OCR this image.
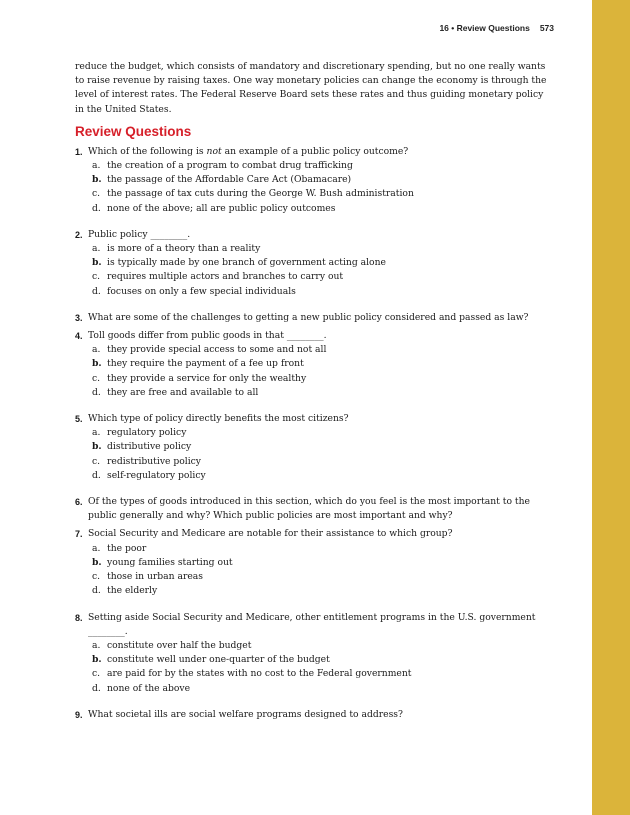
16 • Review Questions 573

reduce the budget, which consists of mandatory and discretionary spending, but no one really wants to raise revenue by raising taxes. One way monetary policies can change the economy is through the level of interest rates. The Federal Reserve Board sets these rates and thus guiding monetary policy in the United States.

Review Questions
1. Which of the following is not an example of a public policy outcome?
a. the creation of a program to combat drug trafficking
b. the passage of the Affordable Care Act (Obamacare)
c. the passage of tax cuts during the George W. Bush administration
d. none of the above; all are public policy outcomes
2. Public policy ________.
a. is more of a theory than a reality
b. is typically made by one branch of government acting alone
c. requires multiple actors and branches to carry out
d. focuses on only a few special individuals
3. What are some of the challenges to getting a new public policy considered and passed as law?
4. Toll goods differ from public goods in that ________.
a. they provide special access to some and not all
b. they require the payment of a fee up front
c. they provide a service for only the wealthy
d. they are free and available to all
5. Which type of policy directly benefits the most citizens?
a. regulatory policy
b. distributive policy
c. redistributive policy
d. self-regulatory policy
6. Of the types of goods introduced in this section, which do you feel is the most important to the public generally and why? Which public policies are most important and why?
7. Social Security and Medicare are notable for their assistance to which group?
a. the poor
b. young families starting out
c. those in urban areas
d. the elderly
8. Setting aside Social Security and Medicare, other entitlement programs in the U.S. government ________.
a. constitute over half the budget
b. constitute well under one-quarter of the budget
c. are paid for by the states with no cost to the Federal government
d. none of the above
9. What societal ills are social welfare programs designed to address?
